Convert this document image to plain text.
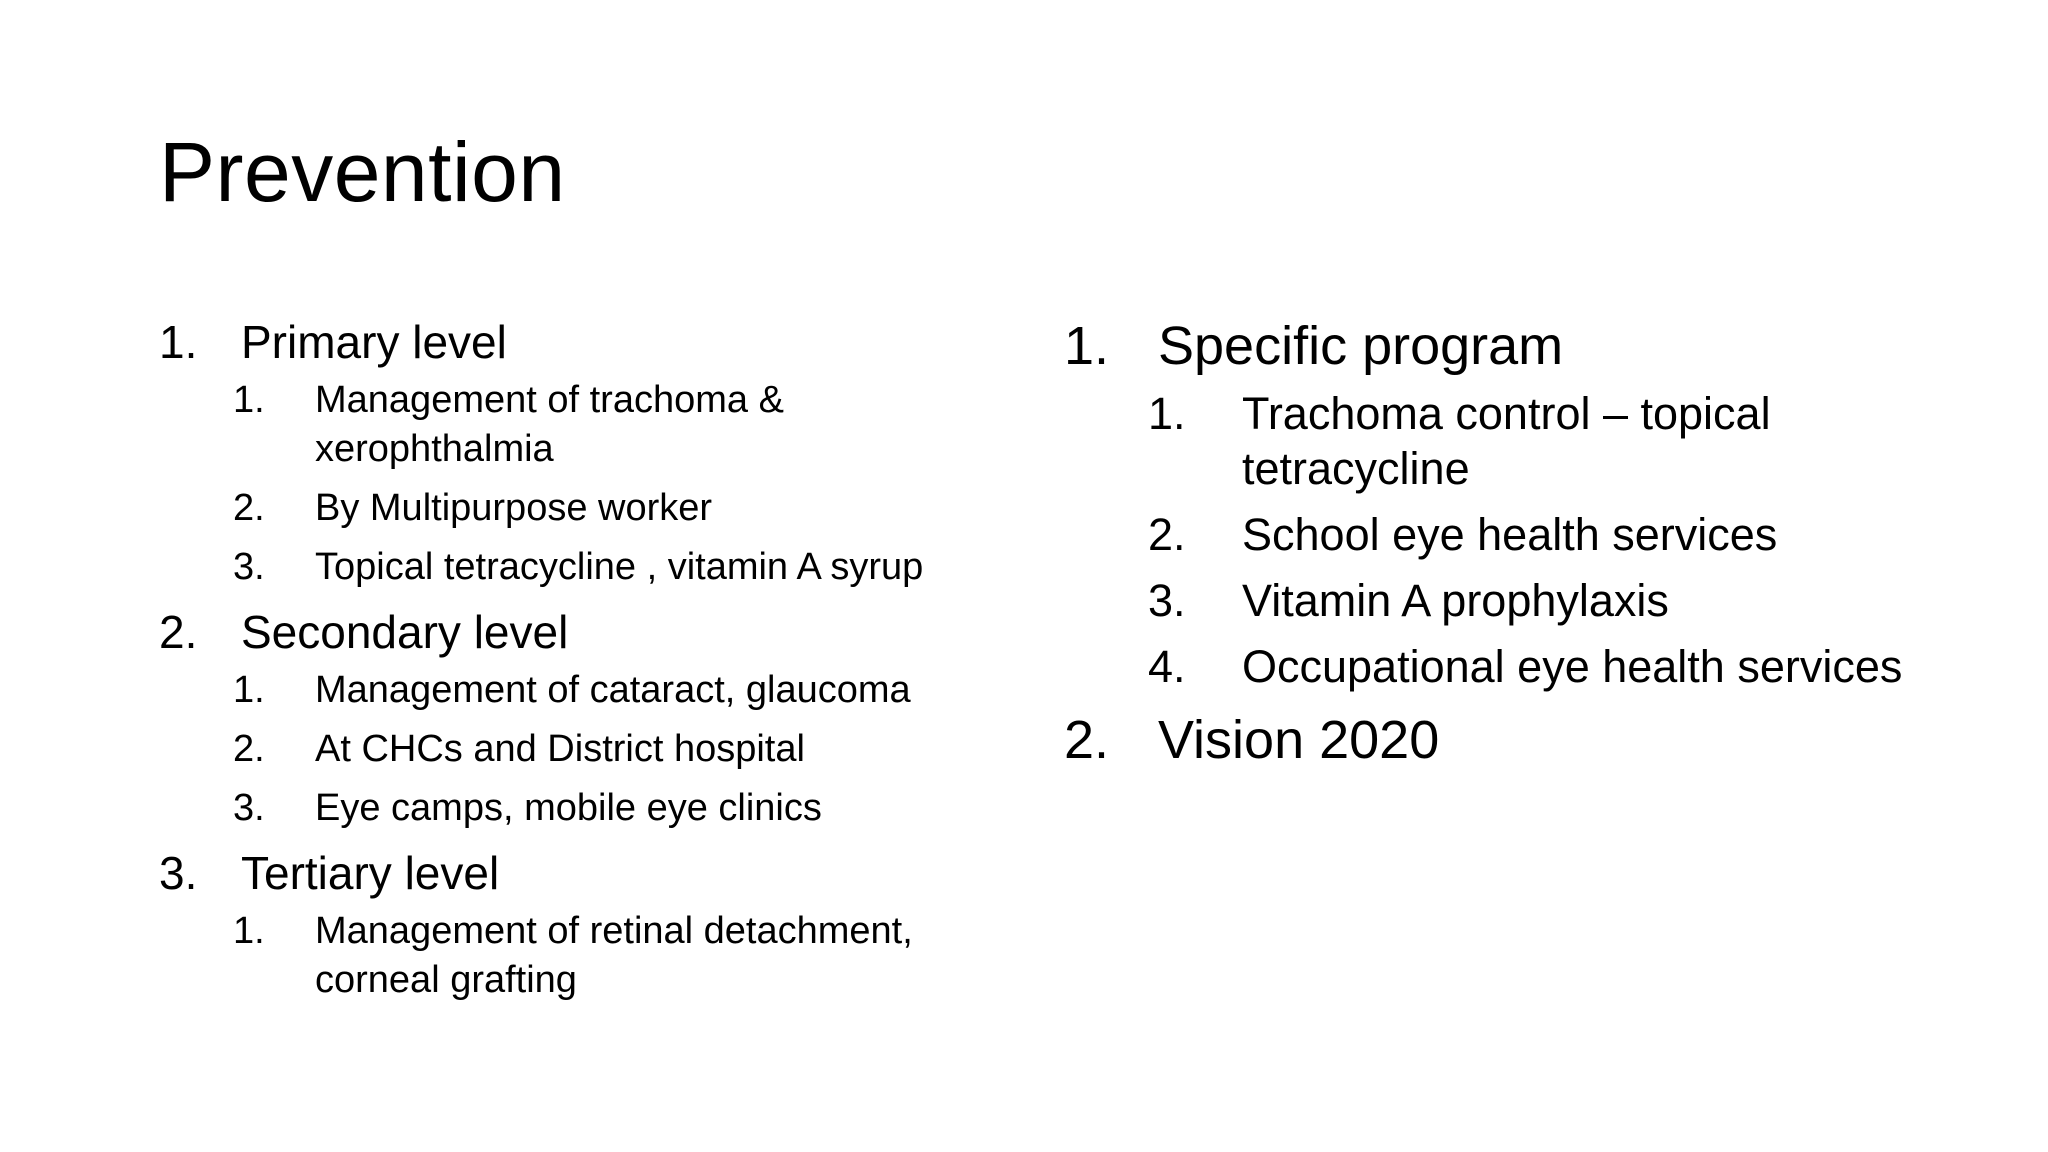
Prevention
1. Primary level
1.	Management of trachoma & xerophthalmia
2.	By Multipurpose worker
3.	Topical tetracycline , vitamin A syrup
2. Secondary level
1.	Management of cataract, glaucoma
2.	At CHCs and District hospital
3.	Eye camps, mobile eye clinics
3. Tertiary level
1.	Management of retinal detachment, corneal grafting
1. Specific program
1.	Trachoma control – topical tetracycline
2.	School eye health services
3.	Vitamin A prophylaxis
4.	Occupational eye health services
2. Vision 2020
